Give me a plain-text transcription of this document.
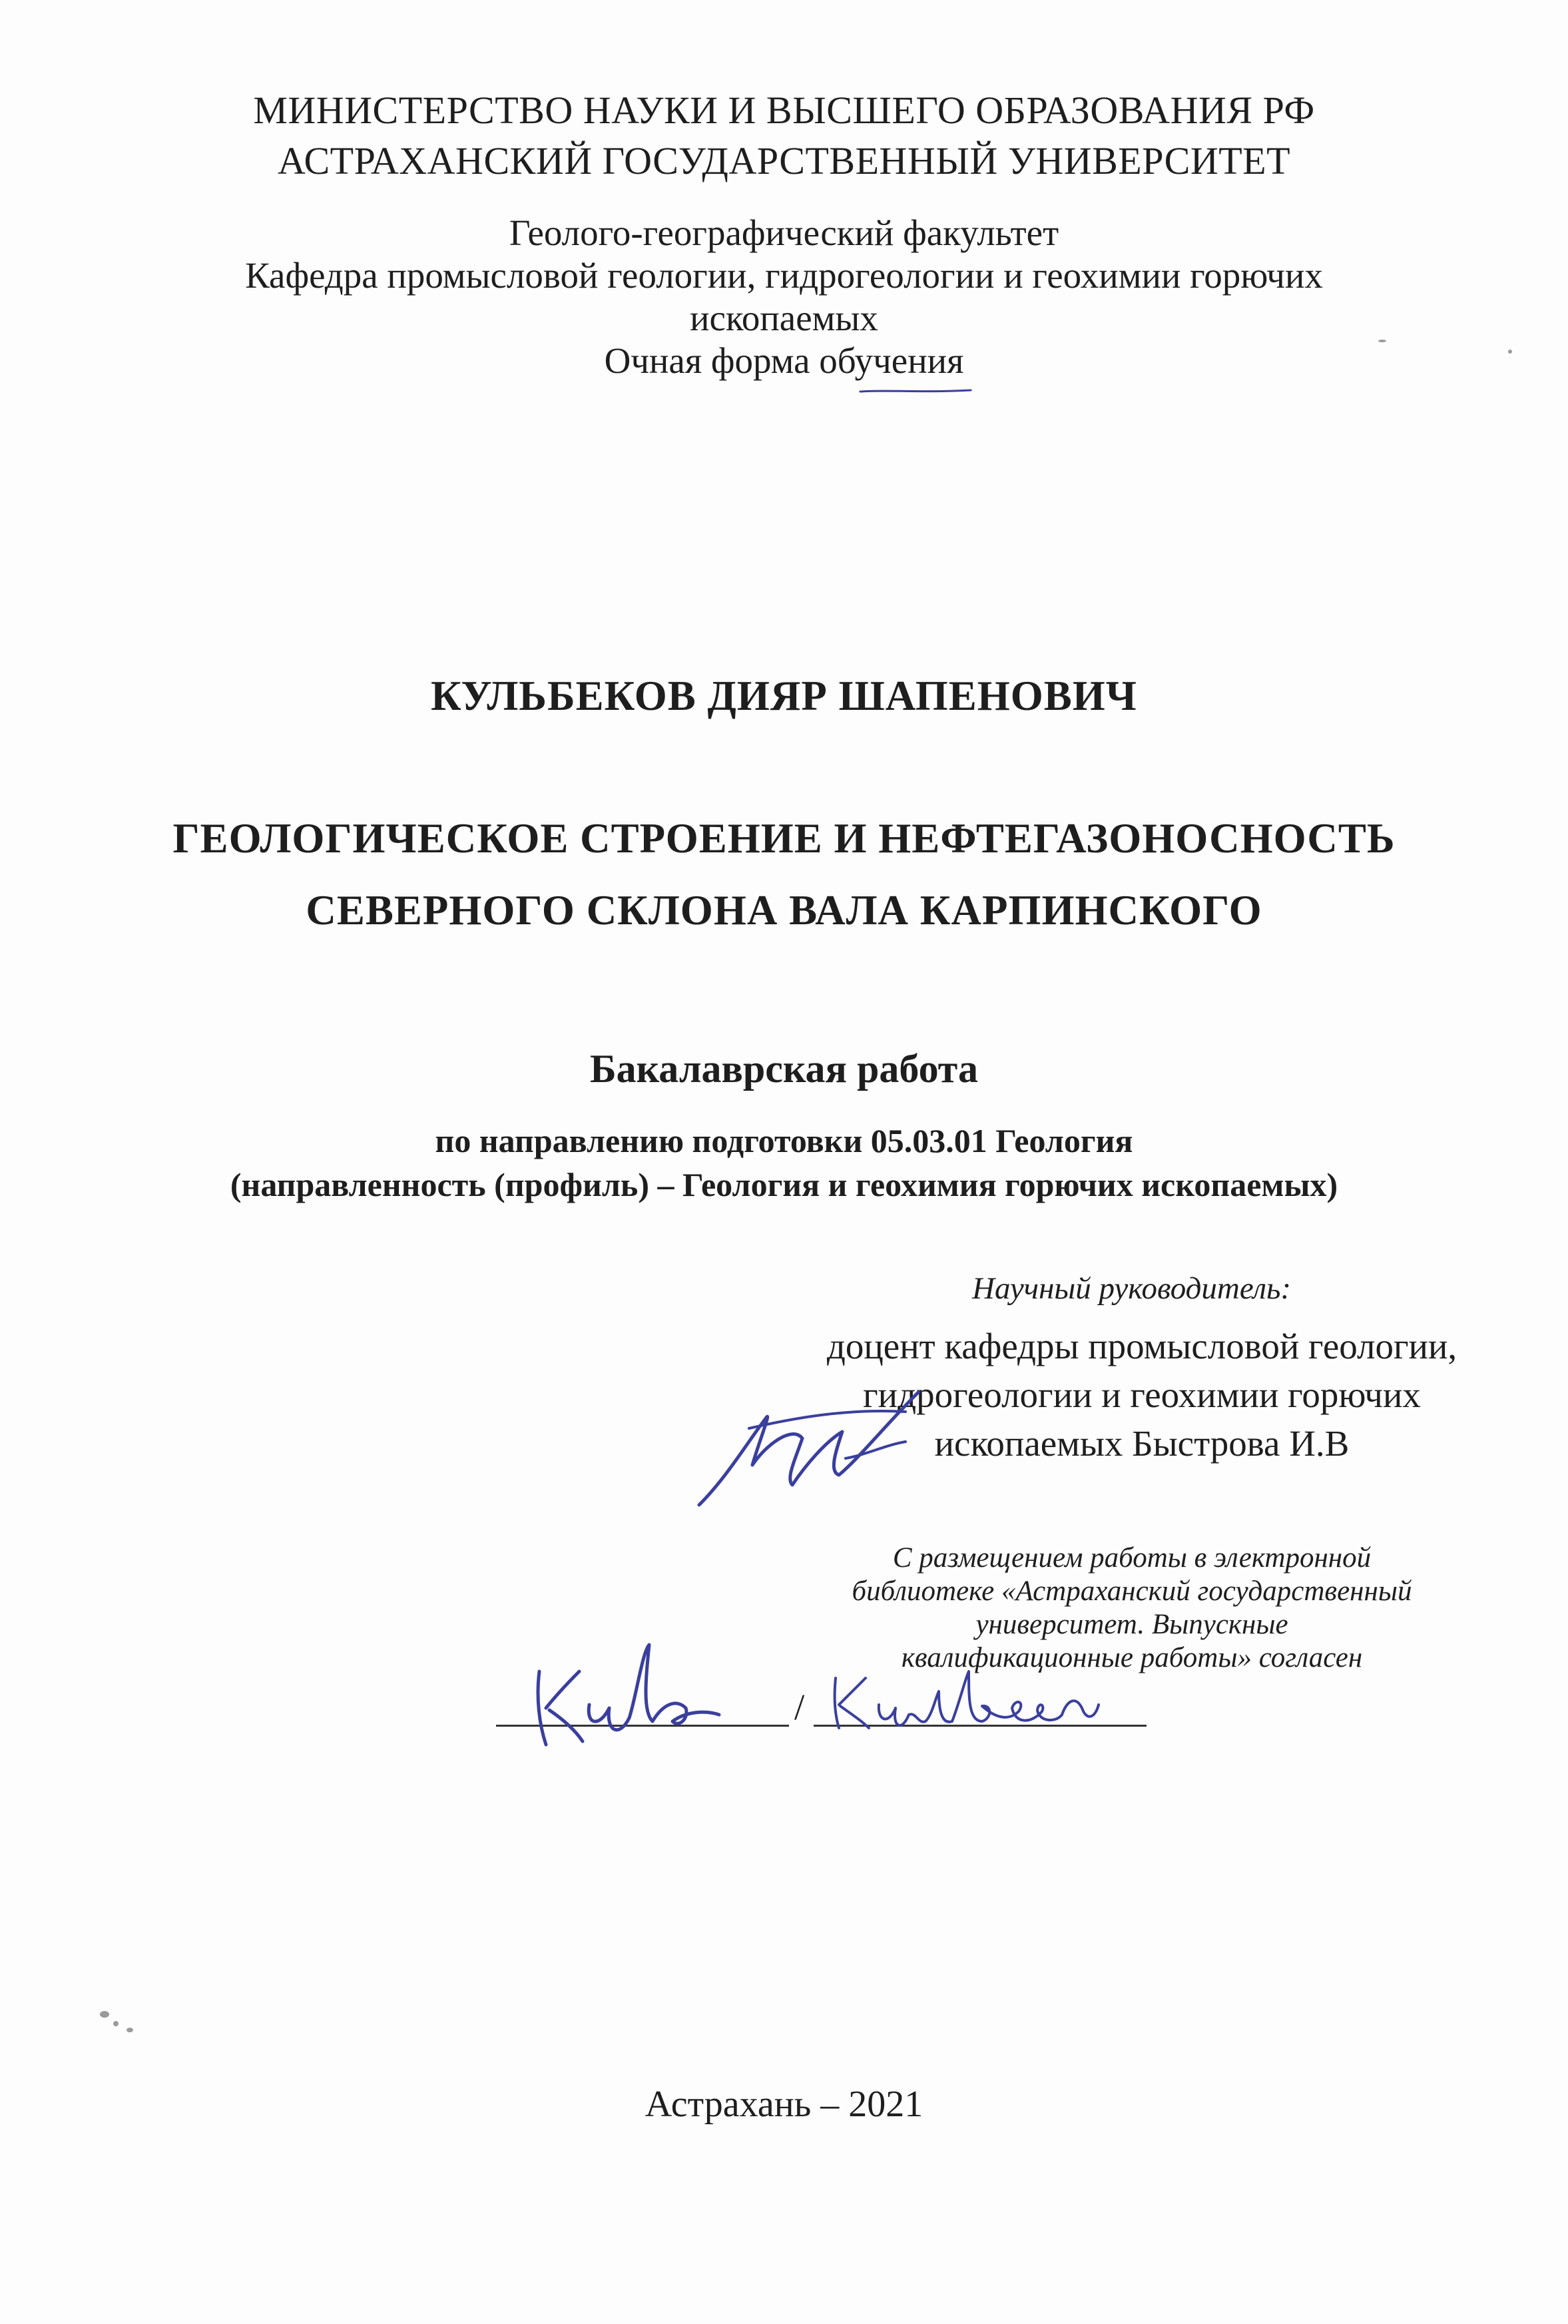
МИНИСТЕРСТВО НАУКИ И ВЫСШЕГО ОБРАЗОВАНИЯ РФ
АСТРАХАНСКИЙ ГОСУДАРСТВЕННЫЙ УНИВЕРСИТЕТ
Геолого-географический факультет
Кафедра промысловой геологии, гидрогеологии и геохимии горючих
ископаемых
Очная форма обучения
КУЛЬБЕКОВ ДИЯР ШАПЕНОВИЧ
ГЕОЛОГИЧЕСКОЕ СТРОЕНИЕ И НЕФТЕГАЗОНОСНОСТЬ
СЕВЕРНОГО СКЛОНА ВАЛА КАРПИНСКОГО
Бакалаврская работа
по направлению подготовки 05.03.01 Геология
(направленность (профиль) – Геология и геохимия горючих ископаемых)
Научный руководитель:
доцент кафедры промысловой геологии,
гидрогеологии и геохимии горючих
ископаемых Быстрова И.В
С размещением работы в электронной
библиотеке «Астраханский государственный
университет. Выпускные
квалификационные работы» согласен
/
Астрахань – 2021
